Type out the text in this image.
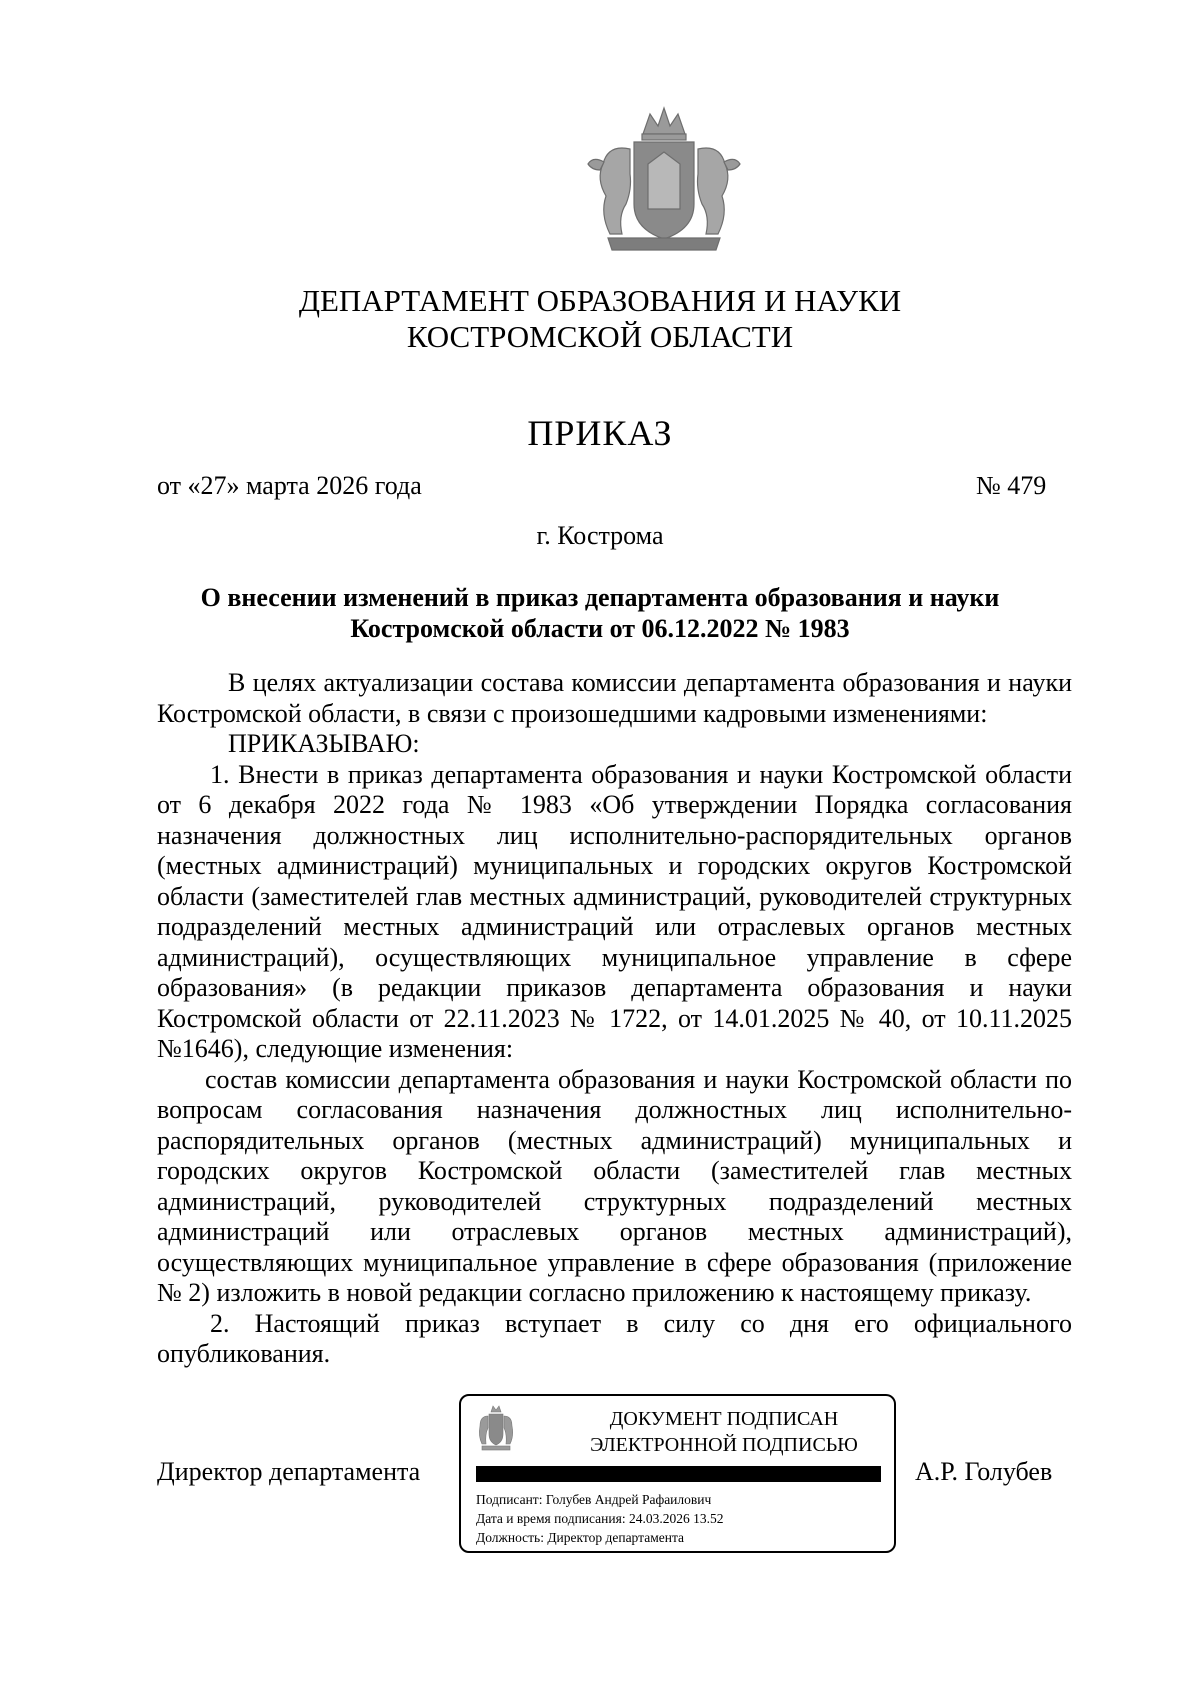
ДЕПАРТАМЕНТ ОБРАЗОВАНИЯ И НАУКИ
КОСТРОМСКОЙ ОБЛАСТИ
ПРИКАЗ
от «27» марта 2026 года	№ 479
г. Кострома
О внесении изменений в приказ департамента образования и науки
Костромской области от 06.12.2022 № 1983

В целях актуализации состава комиссии департамента образования и науки Костромской области, в связи с произошедшими кадровыми изменениями:

ПРИКАЗЫВАЮ:

1. Внести в приказ департамента образования и науки Костромской области от 6 декабря 2022 года № 1983 «Об утверждении Порядка согласования назначения должностных лиц исполнительно-распорядительных органов (местных администраций) муниципальных и городских округов Костромской области (заместителей глав местных администраций, руководителей структурных подразделений местных администраций или отраслевых органов местных администраций), осуществляющих муниципальное управление в сфере образования» (в редакции приказов департамента образования и науки Костромской области от 22.11.2023 № 1722, от 14.01.2025 № 40, от 10.11.2025 №1646), следующие изменения:

состав комиссии департамента образования и науки Костромской области по вопросам согласования назначения должностных лиц исполнительно-распорядительных органов (местных администраций) муниципальных и городских округов Костромской области (заместителей глав местных администраций, руководителей структурных подразделений местных администраций или отраслевых органов местных администраций), осуществляющих муниципальное управление в сфере образования (приложение № 2) изложить в новой редакции согласно приложению к настоящему приказу.

2. Настоящий приказ вступает в силу со дня его официального опубликования.

Директор департамента	А.Р. Голубев
ДОКУМЕНТ ПОДПИСАН
ЭЛЕКТРОННОЙ ПОДПИСЬЮ
Подписант: Голубев Андрей Рафаилович
Дата и время подписания: 24.03.2026 13.52
Должность: Директор департамента
